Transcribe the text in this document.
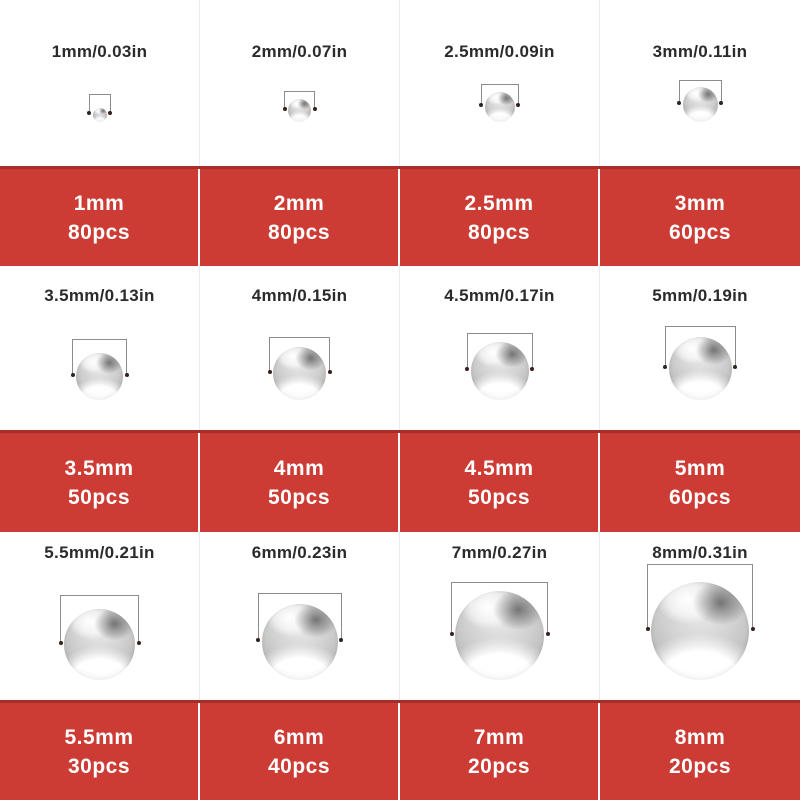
1mm/0.03in	2mm/0.07in	2.5mm/0.09in	3mm/0.11in
1mm
80pcs
2mm
80pcs
2.5mm
80pcs
3mm
60pcs
3.5mm/0.13in	4mm/0.15in	4.5mm/0.17in	5mm/0.19in
3.5mm
50pcs
4mm
50pcs
4.5mm
50pcs
5mm
60pcs
5.5mm/0.21in	6mm/0.23in	7mm/0.27in	8mm/0.31in
5.5mm
30pcs
6mm
40pcs
7mm
20pcs
8mm
20pcs
